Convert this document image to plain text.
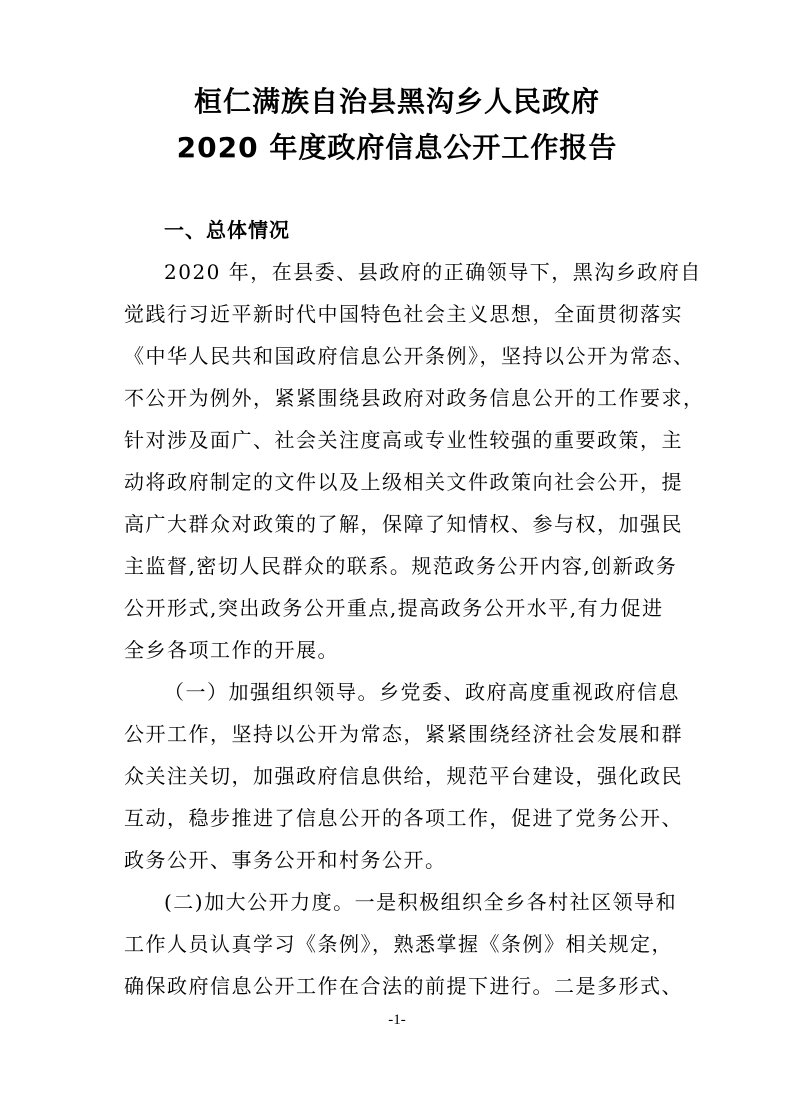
桓仁满族自治县黑沟乡人民政府
2020 年度政府信息公开工作报告
一、总体情况
2020 年，在县委、县政府的正确领导下，黑沟乡政府自
觉践行习近平新时代中国特色社会主义思想，全面贯彻落实
《中华人民共和国政府信息公开条例》，坚持以公开为常态、
不公开为例外，紧紧围绕县政府对政务信息公开的工作要求，
针对涉及面广、社会关注度高或专业性较强的重要政策，主
动将政府制定的文件以及上级相关文件政策向社会公开，提
高广大群众对政策的了解，保障了知情权、参与权，加强民
主监督,密切人民群众的联系。规范政务公开内容,创新政务
公开形式,突出政务公开重点,提高政务公开水平,有力促进
全乡各项工作的开展。
（一）加强组织领导。乡党委、政府高度重视政府信息
公开工作，坚持以公开为常态，紧紧围绕经济社会发展和群
众关注关切，加强政府信息供给，规范平台建设，强化政民
互动，稳步推进了信息公开的各项工作，促进了党务公开、
政务公开、事务公开和村务公开。
(二)加大公开力度。一是积极组织全乡各村社区领导和
工作人员认真学习《条例》，熟悉掌握《条例》相关规定，
确保政府信息公开工作在合法的前提下进行。二是多形式、
-1-
